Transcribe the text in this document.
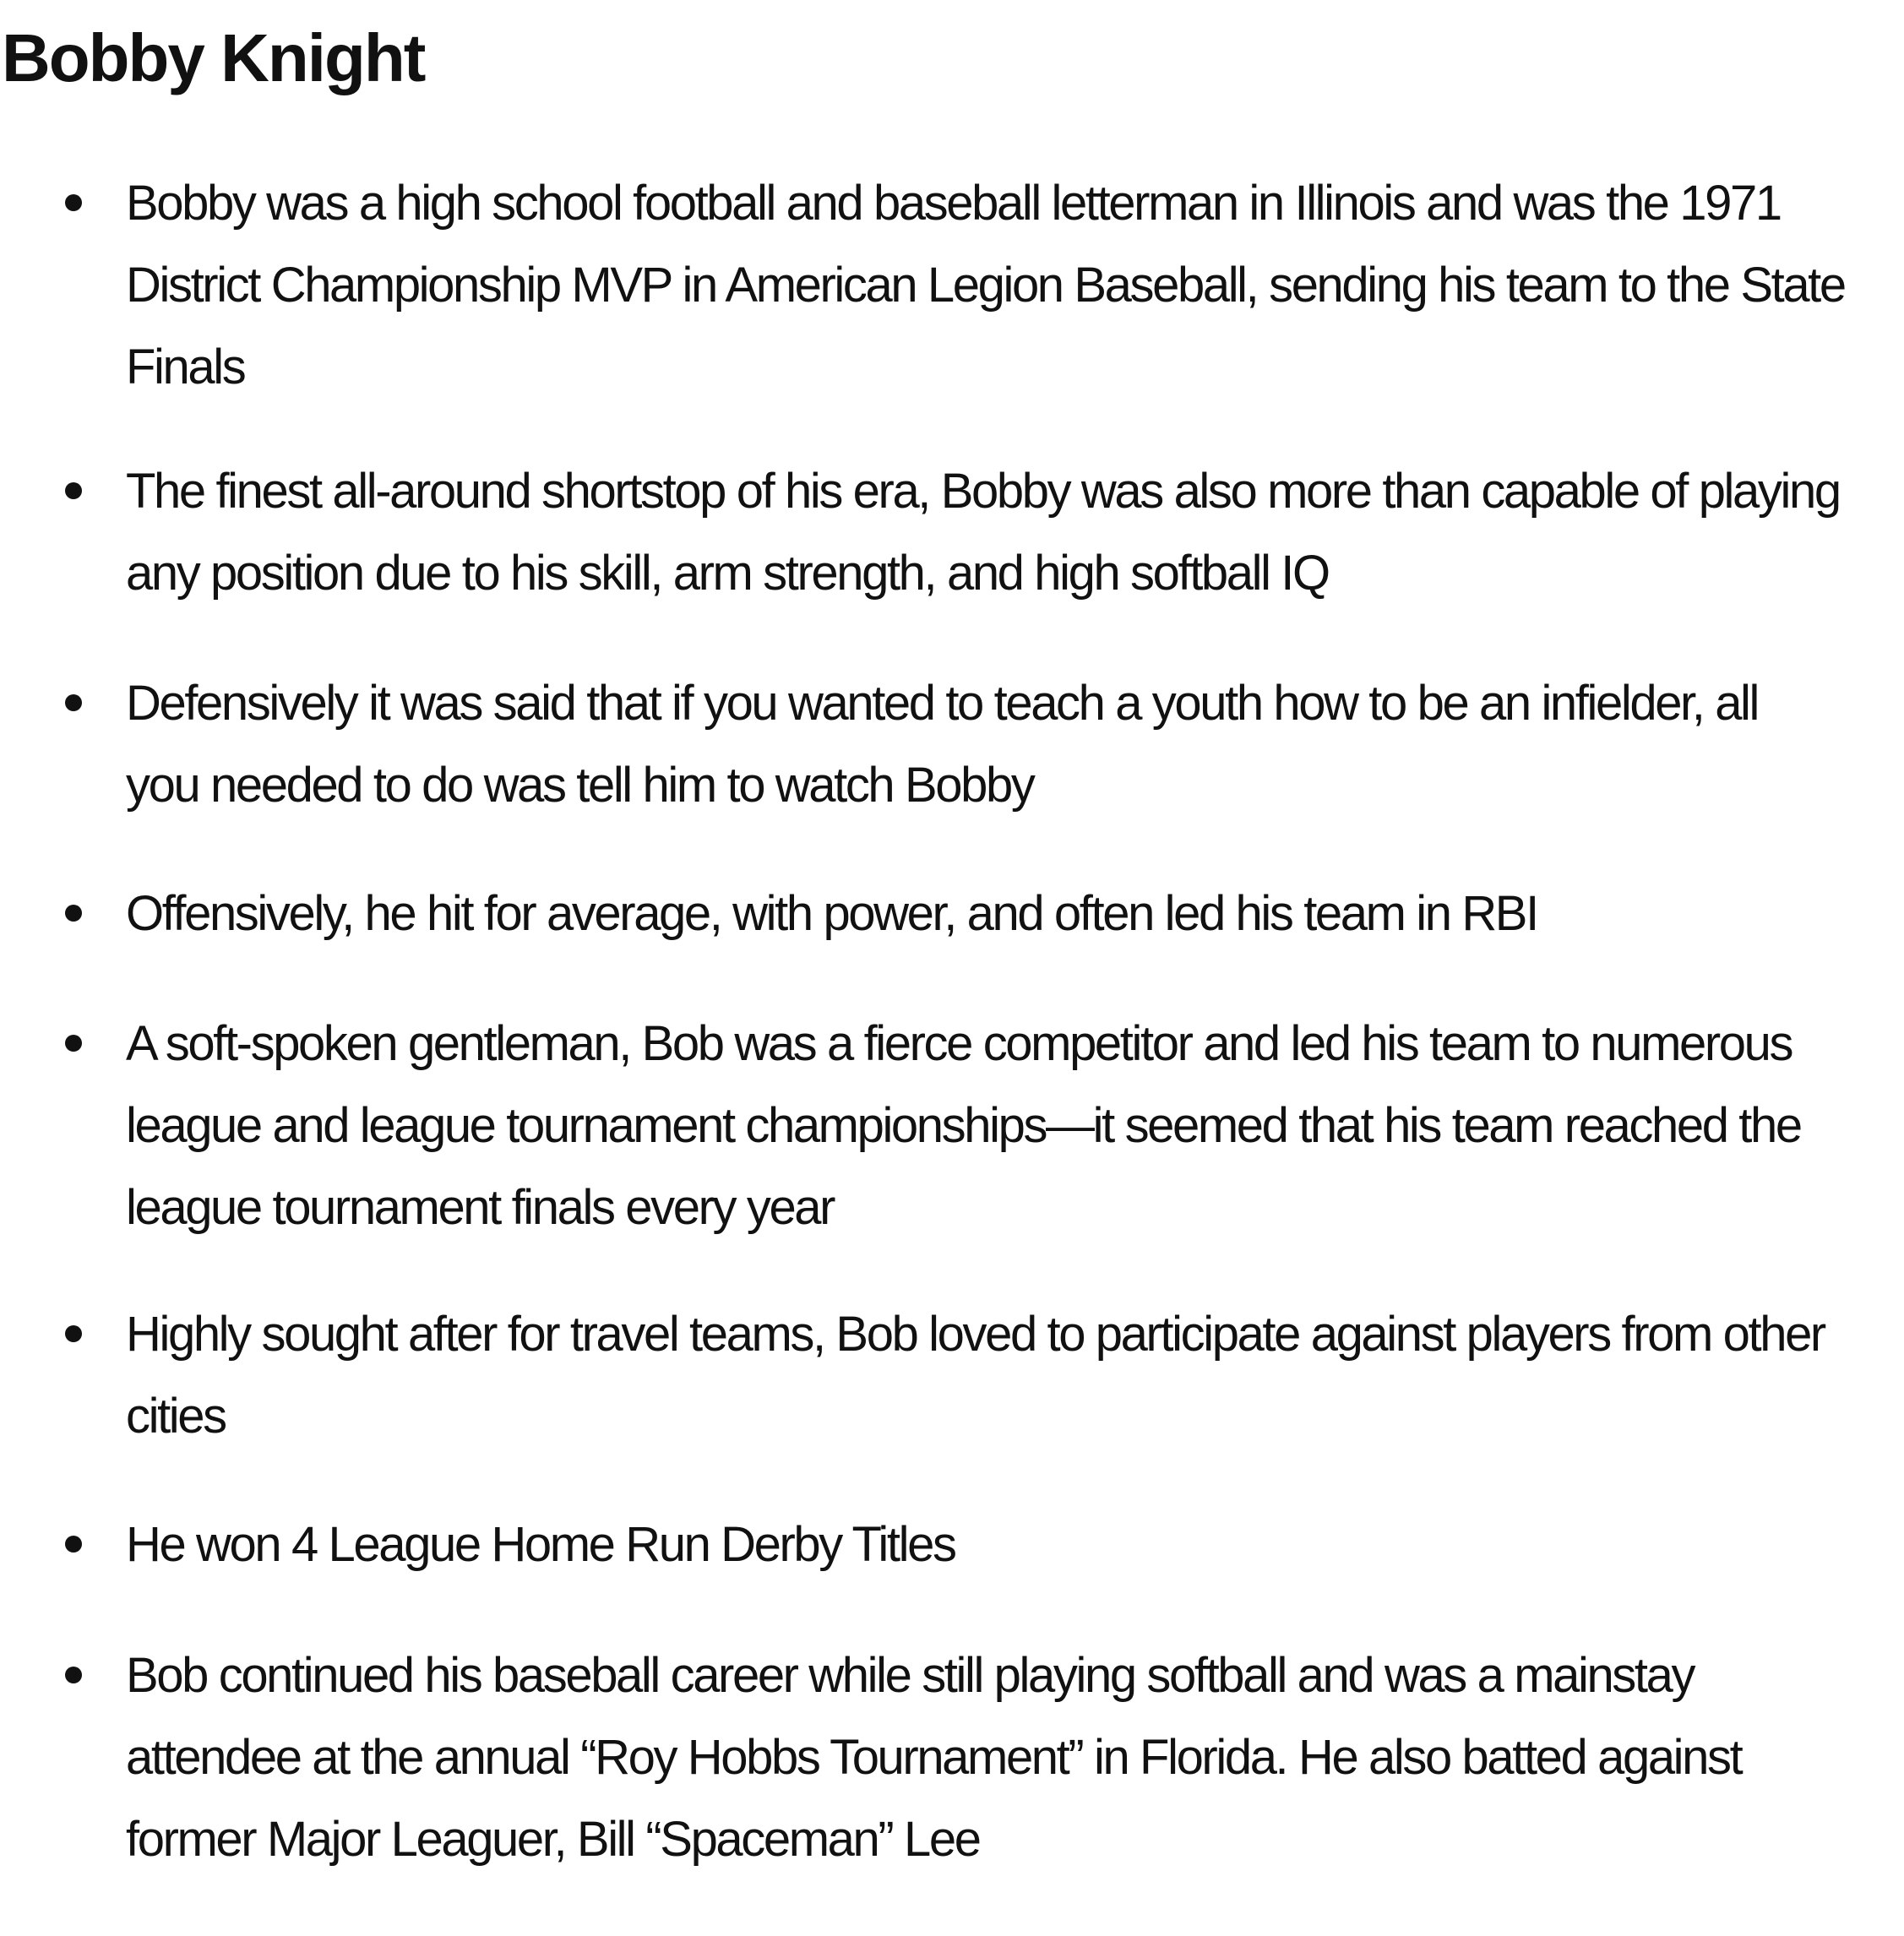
Bobby Knight

Bobby was a high school football and baseball letterman in Illinois and was the 1971
District Championship MVP in American Legion Baseball, sending his team to the State
Finals

The finest all-around shortstop of his era, Bobby was also more than capable of playing
any position due to his skill, arm strength, and high softball IQ

Defensively it was said that if you wanted to teach a youth how to be an infielder, all
you needed to do was tell him to watch Bobby

Offensively, he hit for average, with power, and often led his team in RBI

A soft-spoken gentleman, Bob was a fierce competitor and led his team to numerous
league and league tournament championships—it seemed that his team reached the
league tournament finals every year

Highly sought after for travel teams, Bob loved to participate against players from other
cities

He won 4 League Home Run Derby Titles

Bob continued his baseball career while still playing softball and was a mainstay
attendee at the annual “Roy Hobbs Tournament” in Florida. He also batted against
former Major Leaguer, Bill “Spaceman” Lee
